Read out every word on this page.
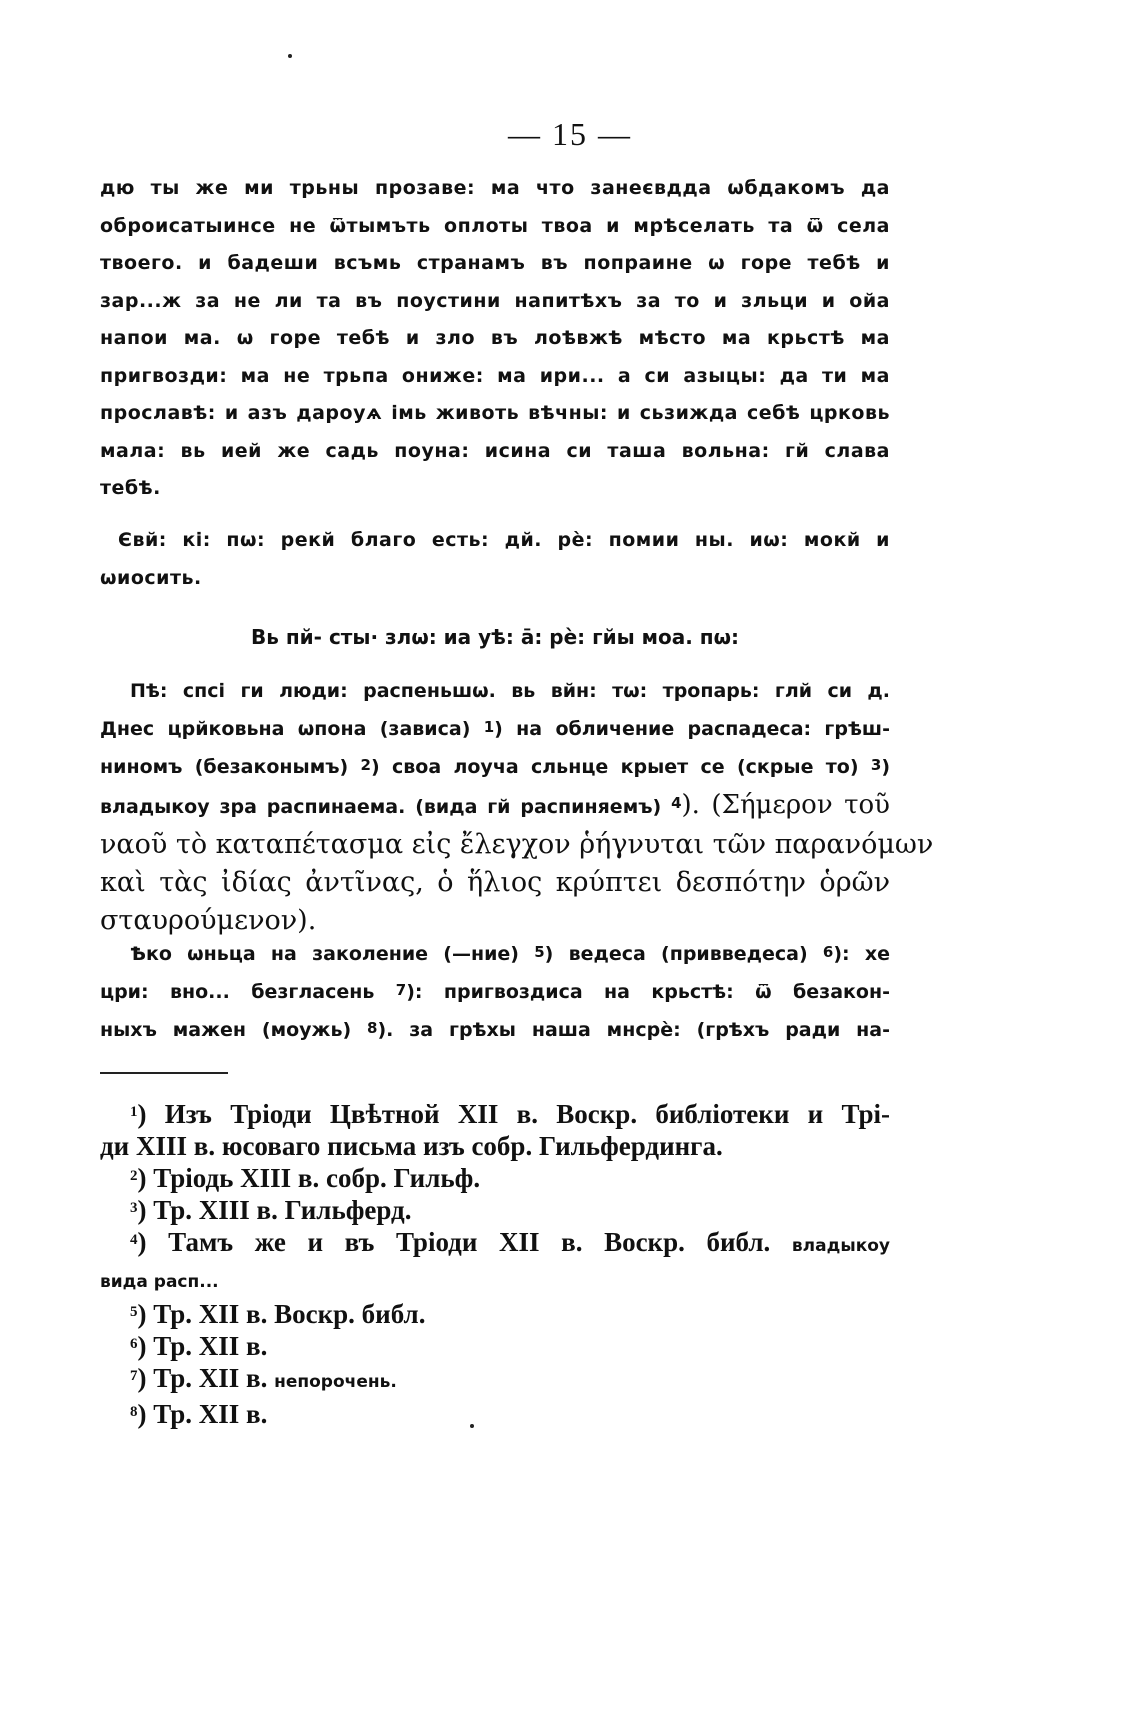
— 15 —
дю ты же ми трьны прозаве: ма что занеєвдда ѡбдакомъ да
оброисатыинсе не ѿтымъть оплоты твоа и мрѣселать та ѿ села
твоего. и бадеши всъмь странамъ въ попраине ѡ горе тебѣ и
зар...ж за не ли та въ поустини напитѣхъ за то и зльци и ойа
напои ма. ѡ горе тебѣ и зло въ лоѣвжѣ мѣсто ма крьстѣ ма
пригвозди: ма не трьпа ониже: ма ири... а си азыцы: да ти ма
прославѣ: и азъ дароуѧ імь животь вѣчны: и сьзижда себѣ црковь
мала: вь ией же садь поуна: исина си таша вольна: гй слава
тебѣ.
Євй: кі: пѡ: рекй благо есть: дй. рѐ: помии ны. иѡ: мокй и
ѡиосить.
Вь пй- сты· злѡ: иа уѣ: ā: рѐ: гйы моа. пѡ:
Пѣ: спсі ги люди: распеньшѡ. вь вйн: тѡ: тропарь: глй си д.
Днес црйковьна ѡпона (зависа) $^1$) на обличение распадеса: грѣш-
ниномъ (безаконымъ) $^2$) своа лоуча сльнце крыет се (скрые то) $^3$)
владыкоу зра распинаема. (вида гй распиняемъ) $^4$). (Σήμερον τοῦ
ναοῦ τὸ καταπέτασμα εἰς ἔλεγχον ῥήγνυται τῶν παρανόμων
καὶ τὰς ἰδίας ἀντῖνας, ὁ ἥλιος κρύπτει δεσπότην ὁρῶν
σταυρούμενον).
Ѣко ѡньца на заколение (—ние) $^5$) ведеса (привведеса) $^6$): хе
цри: вно... безгласень $^7$): пригвоздиса на крьстѣ: ѿ безакон-
ныхъ мажен (моужь) $^8$). за грѣхы наша мнсрѐ: (грѣхъ ради на-
$^1$) Изъ Тріоди Цвѣтной XII в. Воскр. библіотеки и Трі-
ди XIII в. юсоваго письма изъ собр. Гильфердинга.
$^2$) Тріодь XIII в. собр. Гильф.
$^3$) Тр. XIII в. Гильферд.
$^4$) Тамъ же и въ Тріоди XII в. Воскр. библ. владыкоу
вида расп...
$^5$) Тр. XII в. Воскр. библ.
$^6$) Тр. XII в.
$^7$) Тр. XII в. непорочень.
$^8$) Тр. XII в.
